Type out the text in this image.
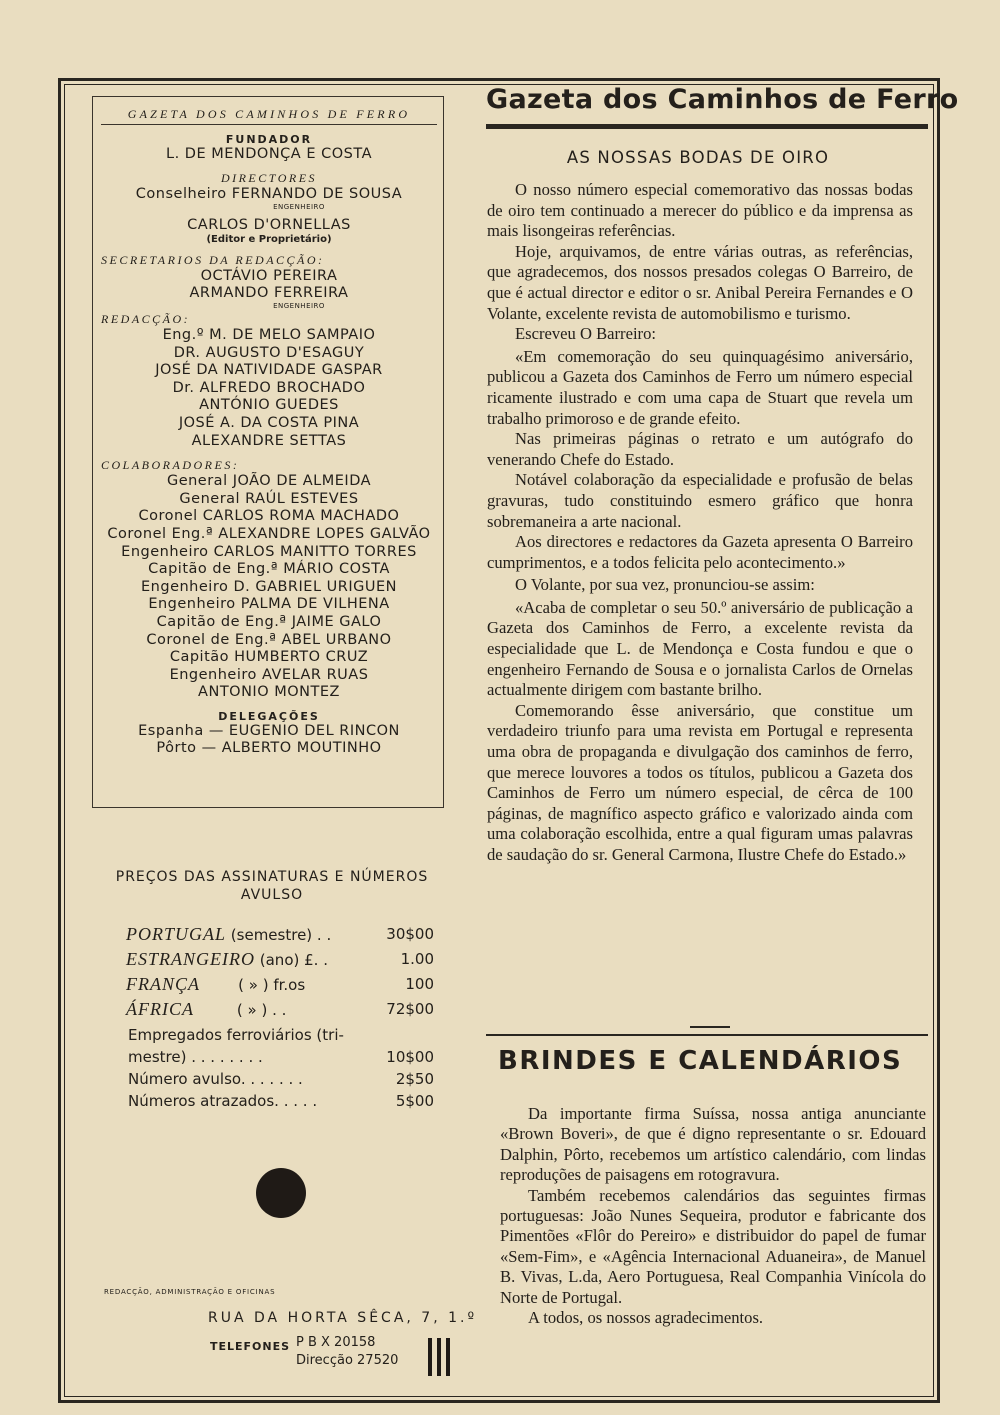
GAZETA DOS CAMINHOS DE FERRO
FUNDADOR
L. DE MENDONÇA E COSTA
DIRECTORES
Conselheiro FERNANDO DE SOUSA
ENGENHEIRO
CARLOS D'ORNELLAS
(Editor e Proprietário)
SECRETARIOS DA REDACÇÃO:
OCTÁVIO PEREIRA
ARMANDO FERREIRA
ENGENHEIRO
REDACÇÃO:
Eng.º M. DE MELO SAMPAIO
DR. AUGUSTO D'ESAGUY
JOSÉ DA NATIVIDADE GASPAR
Dr. ALFREDO BROCHADO
ANTÓNIO GUEDES
JOSÉ A. DA COSTA PINA
ALEXANDRE SETTAS
COLABORADORES:
General JOÃO DE ALMEIDA
General RAÚL ESTEVES
Coronel CARLOS ROMA MACHADO
Coronel Eng.ª ALEXANDRE LOPES GALVÃO
Engenheiro CARLOS MANITTO TORRES
Capitão de Eng.ª MÁRIO COSTA
Engenheiro D. GABRIEL URIGUEN
Engenheiro PALMA DE VILHENA
Capitão de Eng.ª JAIME GALO
Coronel de Eng.ª ABEL URBANO
Capitão HUMBERTO CRUZ
Engenheiro AVELAR RUAS
ANTONIO MONTEZ
DELEGAÇÕES
Espanha — EUGENIO DEL RINCON
Pôrto — ALBERTO MOUTINHO
PREÇOS DAS ASSINATURAS E NÚMEROS AVULSO
PORTUGAL (semestre) . .	30$00
ESTRANGEIRO (ano) £. .	1.00
FRANÇA	( » ) fr.os	100
ÁFRICA	( » ) . .	72$00
Empregados ferroviários (tri-
mestre) . . . . . . . .	10$00
Número avulso. . . . . . .	2$50
Números atrazados. . . . .	5$00
REDACÇÃO, ADMINISTRAÇÃO E OFICINAS
RUA DA HORTA SÊCA, 7, 1.º
TELEFONES P B X 20158
Direcção 27520
Gazeta dos Caminhos de Ferro
AS NOSSAS BODAS DE OIRO

O nosso número especial comemorativo das nossas bodas de oiro tem continuado a merecer do público e da imprensa as mais lisongeiras referências.

Hoje, arquivamos, de entre várias outras, as referências, que agradecemos, dos nossos presados colegas O Barreiro, de que é actual director e editor o sr. Anibal Pereira Fernandes e O Volante, excelente revista de automobilismo e turismo.

Escreveu O Barreiro:

«Em comemoração do seu quinquagésimo aniversário, publicou a Gazeta dos Caminhos de Ferro um número especial ricamente ilustrado e com uma capa de Stuart que revela um trabalho primoroso e de grande efeito.

Nas primeiras páginas o retrato e um autógrafo do venerando Chefe do Estado.

Notável colaboração da especialidade e profusão de belas gravuras, tudo constituindo esmero gráfico que honra sobremaneira a arte nacional.

Aos directores e redactores da Gazeta apresenta O Barreiro cumprimentos, e a todos felicita pelo acontecimento.»

O Volante, por sua vez, pronunciou-se assim:

«Acaba de completar o seu 50.º aniversário de publicação a Gazeta dos Caminhos de Ferro, a excelente revista da especialidade que L. de Mendonça e Costa fundou e que o engenheiro Fernando de Sousa e o jornalista Carlos de Ornelas actualmente dirigem com bastante brilho.

Comemorando êsse aniversário, que constitue um verdadeiro triunfo para uma revista em Portugal e representa uma obra de propaganda e divulgação dos caminhos de ferro, que merece louvores a todos os títulos, publicou a Gazeta dos Caminhos de Ferro um número especial, de cêrca de 100 páginas, de magnífico aspecto gráfico e valorizado ainda com uma colaboração escolhida, entre a qual figuram umas palavras de saudação do sr. General Carmona, Ilustre Chefe do Estado.»

BRINDES E CALENDÁRIOS

Da importante firma Suíssa, nossa antiga anunciante «Brown Boveri», de que é digno representante o sr. Edouard Dalphin, Pôrto, recebemos um artístico calendário, com lindas reproduções de paisagens em rotogravura.

Também recebemos calendários das seguintes firmas portuguesas: João Nunes Sequeira, produtor e fabricante dos Pimentões «Flôr do Pereiro» e distribuidor do papel de fumar «Sem-Fim», e «Agência Internacional Aduaneira», de Manuel B. Vivas, L.da, Aero Portuguesa, Real Companhia Vinícola do Norte de Portugal.

A todos, os nossos agradecimentos.
